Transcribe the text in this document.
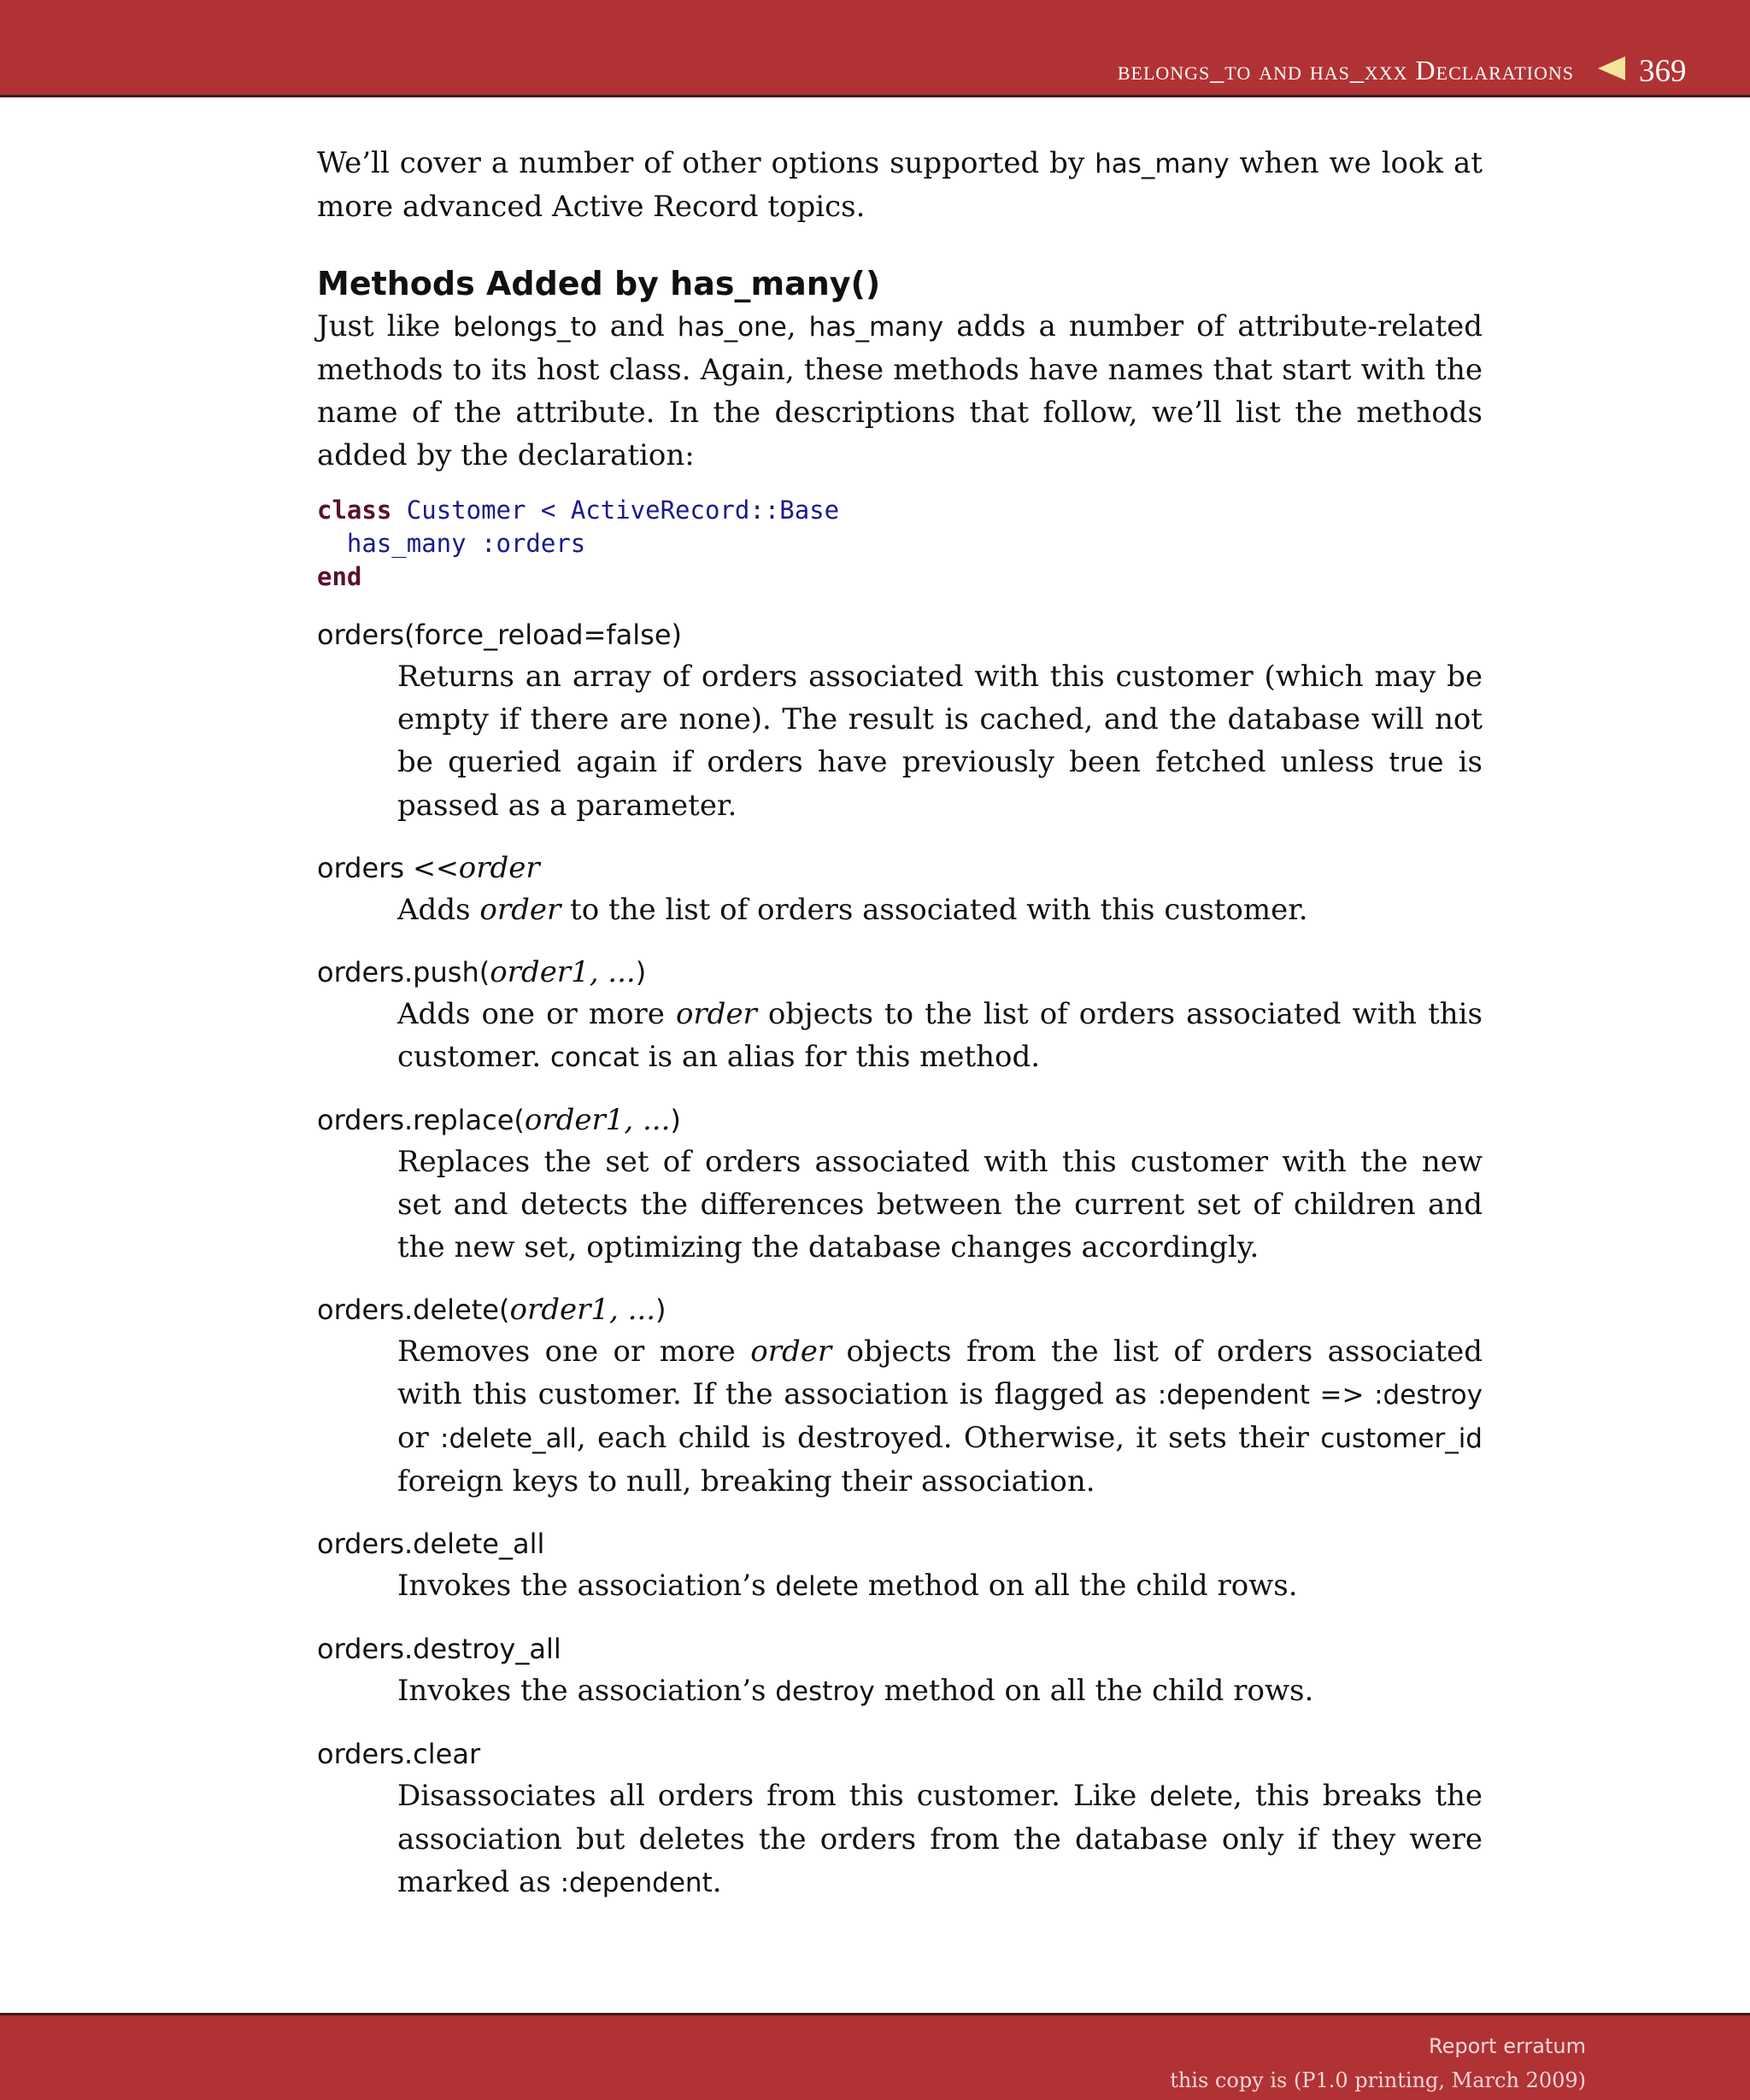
belongs_to and has_xxx Declarations 369

We’ll cover a number of other options supported by has_many when we look at more advanced Active Record topics.

Methods Added by has_many()

Just like belongs_to and has_one, has_many adds a number of attribute-related methods to its host class. Again, these methods have names that start with the name of the attribute. In the descriptions that follow, we’ll list the methods added by the declaration:

class Customer < ActiveRecord::Base
has_many :orders
end
orders(force_reload=false)

Returns an array of orders associated with this customer (which may be empty if there are none). The result is cached, and the database will not be queried again if orders have previously been fetched unless true is passed as a parameter.

orders <<order

Adds order to the list of orders associated with this customer.

orders.push(order1, ...)

Adds one or more order objects to the list of orders associated with this customer. concat is an alias for this method.

orders.replace(order1, ...)

Replaces the set of orders associated with this customer with the new set and detects the differences between the current set of children and the new set, optimizing the database changes accordingly.

orders.delete(order1, ...)

Removes one or more order objects from the list of orders associated with this customer. If the association is flagged as :dependent => :destroy or :delete_all, each child is destroyed. Otherwise, it sets their customer_id foreign keys to null, breaking their association.

orders.delete_all

Invokes the association’s delete method on all the child rows.

orders.destroy_all

Invokes the association’s destroy method on all the child rows.

orders.clear

Disassociates all orders from this customer. Like delete, this breaks the association but deletes the orders from the database only if they were marked as :dependent.

Report erratum
this copy is (P1.0 printing, March 2009)
